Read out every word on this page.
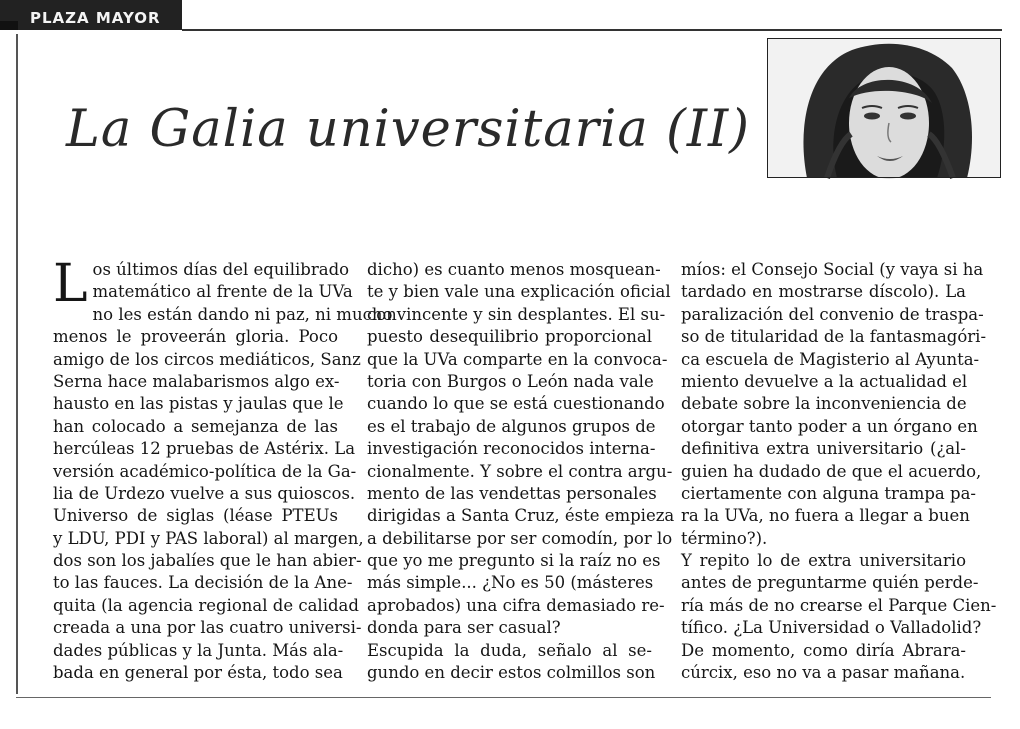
PLAZA MAYOR
La Galia universitaria (II)
L os últimos días del equilibrado
matemático al frente de la UVa
no les están dando ni paz, ni mucho
menos le proveerán gloria. Poco
amigo de los circos mediáticos, Sanz
Serna hace malabarismos algo ex-
hausto en las pistas y jaulas que le
han colocado a semejanza de las
hercúleas 12 pruebas de Astérix. La
versión académico-política de la Ga-
lia de Urdezo vuelve a sus quioscos.
Universo de siglas (léase PTEUs
y LDU, PDI y PAS laboral) al margen,
dos son los jabalíes que le han abier-
to las fauces. La decisión de la Ane-
quita (la agencia regional de calidad
creada a una por las cuatro universi-
dades públicas y la Junta. Más ala-
bada en general por ésta, todo sea
dicho) es cuanto menos mosquean-
te y bien vale una explicación oficial
convincente y sin desplantes. El su-
puesto desequilibrio proporcional
que la UVa comparte en la convoca-
toria con Burgos o León nada vale
cuando lo que se está cuestionando
es el trabajo de algunos grupos de
investigación reconocidos interna-
cionalmente. Y sobre el contra argu-
mento de las vendettas personales
dirigidas a Santa Cruz, éste empieza
a debilitarse por ser comodín, por lo
que yo me pregunto si la raíz no es
más simple... ¿No es 50 (másteres
aprobados) una cifra demasiado re-
donda para ser casual?
Escupida la duda, señalo al se-
gundo en decir estos colmillos son
míos: el Consejo Social (y vaya si ha
tardado en mostrarse díscolo). La
paralización del convenio de traspa-
so de titularidad de la fantasmagóri-
ca escuela de Magisterio al Ayunta-
miento devuelve a la actualidad el
debate sobre la inconveniencia de
otorgar tanto poder a un órgano en
definitiva extra universitario (¿al-
guien ha dudado de que el acuerdo,
ciertamente con alguna trampa pa-
ra la UVa, no fuera a llegar a buen
término?).
Y repito lo de extra universitario
antes de preguntarme quién perde-
ría más de no crearse el Parque Cien-
tífico. ¿La Universidad o Valladolid?
De momento, como diría Abrara-
cúrcix, eso no va a pasar mañana.
